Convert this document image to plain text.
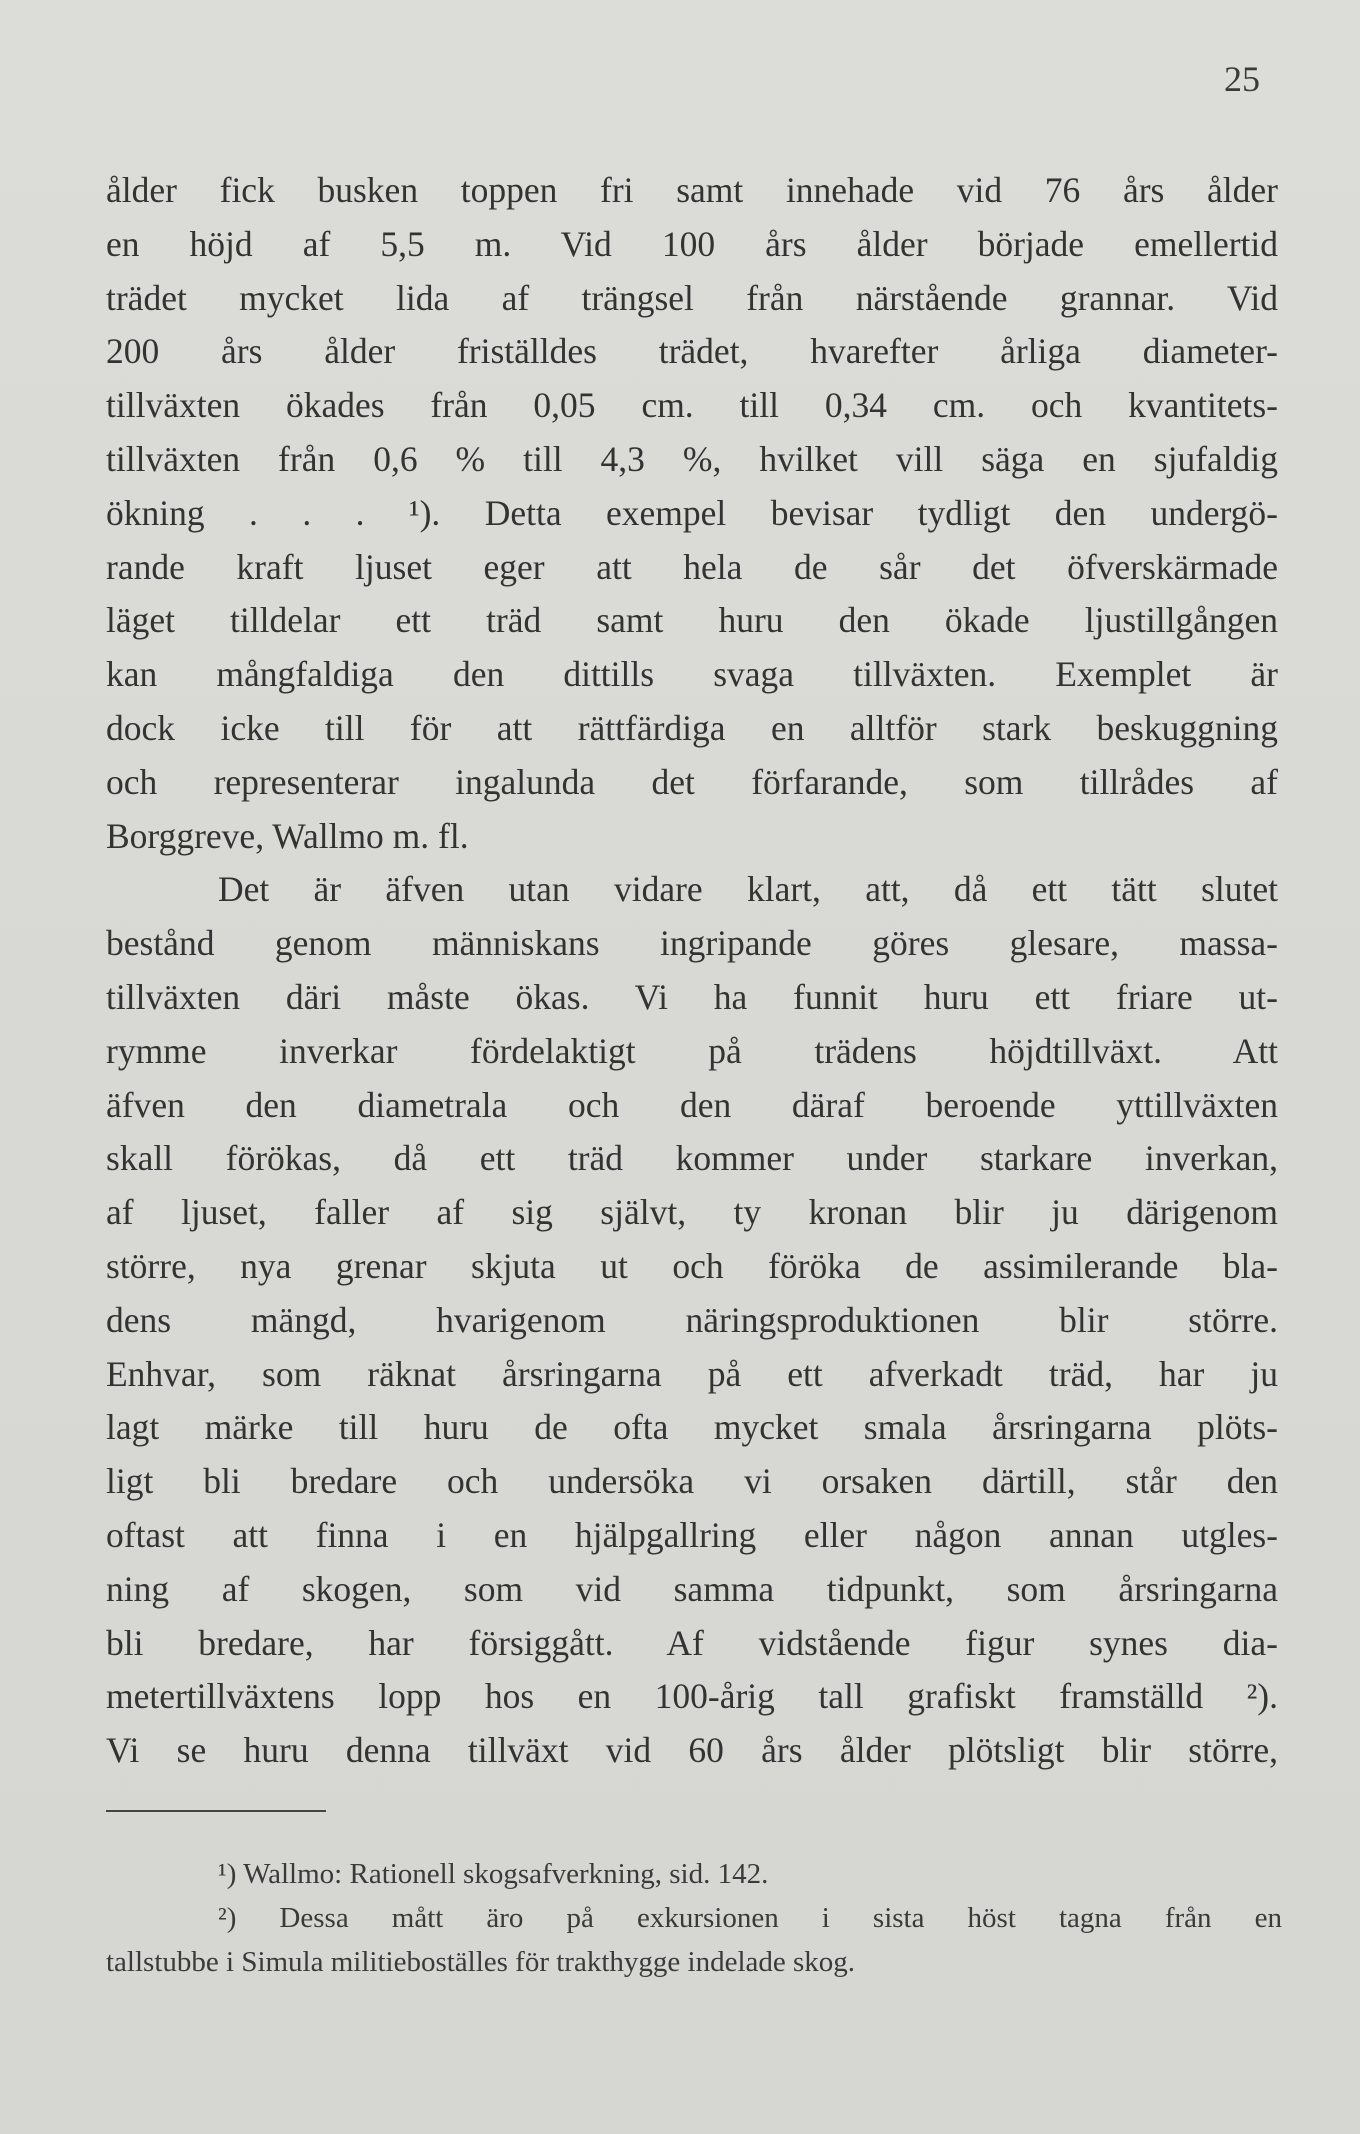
25
ålder fick busken toppen fri samt innehade vid 76 års ålder
en höjd af 5,5 m. Vid 100 års ålder började emellertid
trädet mycket lida af trängsel från närstående grannar. Vid
200 års ålder friställdes trädet, hvarefter årliga diameter-
tillväxten ökades från 0,05 cm. till 0,34 cm. och kvantitets-
tillväxten från 0,6 % till 4,3 %, hvilket vill säga en sjufaldig
ökning . . . ¹). Detta exempel bevisar tydligt den undergö-
rande kraft ljuset eger att hela de sår det öfverskärmade
läget tilldelar ett träd samt huru den ökade ljustillgången
kan mångfaldiga den dittills svaga tillväxten. Exemplet är
dock icke till för att rättfärdiga en alltför stark beskuggning
och representerar ingalunda det förfarande, som tillrådes af
Borggreve, Wallmo m. fl.
Det är äfven utan vidare klart, att, då ett tätt slutet
bestånd genom människans ingripande göres glesare, massa-
tillväxten däri måste ökas. Vi ha funnit huru ett friare ut-
rymme inverkar fördelaktigt på trädens höjdtillväxt. Att
äfven den diametrala och den däraf beroende yttillväxten
skall förökas, då ett träd kommer under starkare inverkan,
af ljuset, faller af sig självt, ty kronan blir ju därigenom
större, nya grenar skjuta ut och föröka de assimilerande bla-
dens mängd, hvarigenom näringsproduktionen blir större.
Enhvar, som räknat årsringarna på ett afverkadt träd, har ju
lagt märke till huru de ofta mycket smala årsringarna plöts-
ligt bli bredare och undersöka vi orsaken därtill, står den
oftast att finna i en hjälpgallring eller någon annan utgles-
ning af skogen, som vid samma tidpunkt, som årsringarna
bli bredare, har försiggått. Af vidstående figur synes dia-
metertillväxtens lopp hos en 100-årig tall grafiskt framställd ²).
Vi se huru denna tillväxt vid 60 års ålder plötsligt blir större,
¹) Wallmo: Rationell skogsafverkning, sid. 142.
²) Dessa mått äro på exkursionen i sista höst tagna från en
tallstubbe i Simula militieboställes för trakthygge indelade skog.
